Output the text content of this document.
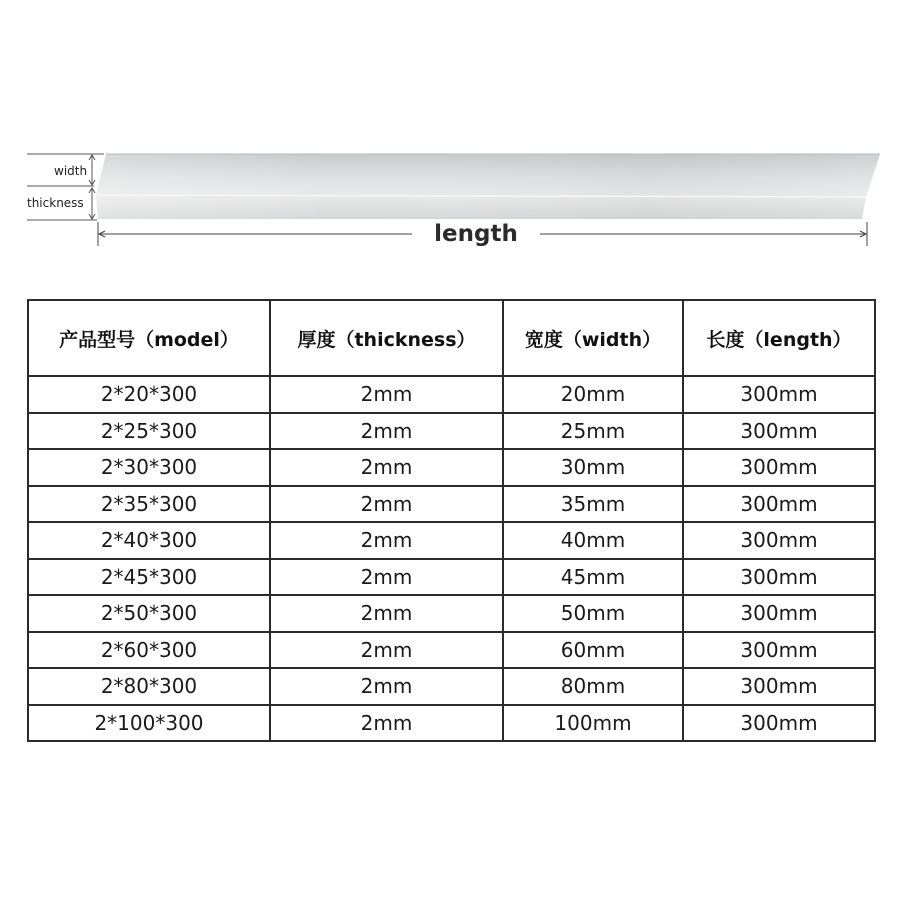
width
thickness
length
产品型号（model）	厚度（thickness）	宽度（width）	长度（length）
2*20*300	2mm	20mm	300mm
2*25*300	2mm	25mm	300mm
2*30*300	2mm	30mm	300mm
2*35*300	2mm	35mm	300mm
2*40*300	2mm	40mm	300mm
2*45*300	2mm	45mm	300mm
2*50*300	2mm	50mm	300mm
2*60*300	2mm	60mm	300mm
2*80*300	2mm	80mm	300mm
2*100*300	2mm	100mm	300mm
